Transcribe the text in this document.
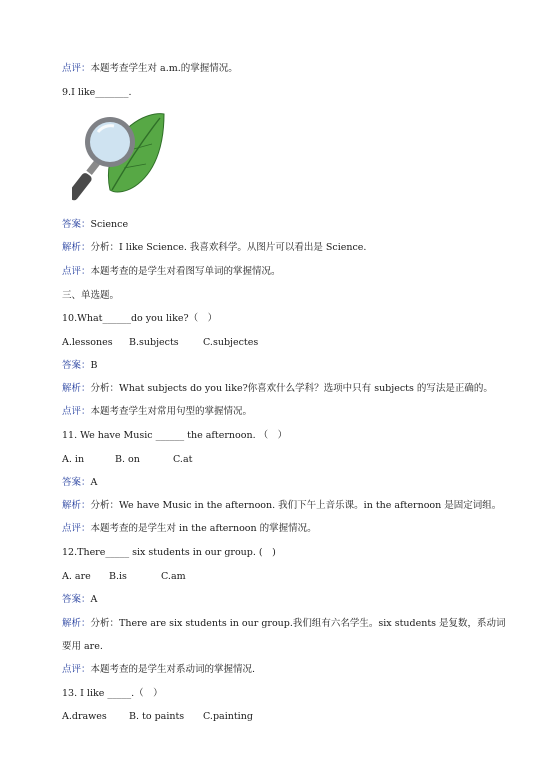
点评：本题考查学生对 a.m.的掌握情况。
9.I like_______.
答案：Science
解析：分析：I like Science. 我喜欢科学。从图片可以看出是 Science.
点评：本题考查的是学生对看图写单词的掌握情况。
三、单选题。
10.What______do you like?（　）
A.lessones B.subjects	C.subjectes
答案：B
解析：分析：What subjects do you like?你喜欢什么学科？选项中只有 subjects 的写法是正确的。
点评：本题考查学生对常用句型的掌握情况。
11. We have Music ______ the afternoon. （　）
A. in	B. on	C.at
答案：A
解析：分析：We have Music in the afternoon. 我们下午上音乐课。in the afternoon 是固定词组。
点评：本题考查的是学生对 in the afternoon 的掌握情况。
12.There_____ six students in our group. (　)
A. are B.is	C.am
答案：A
解析：分析：There are six students in our group.我们组有六名学生。six students 是复数，系动词
要用 are.
点评：本题考查的是学生对系动词的掌握情况.
13. I like _____.（　）
A.drawes B. to paints C.painting
